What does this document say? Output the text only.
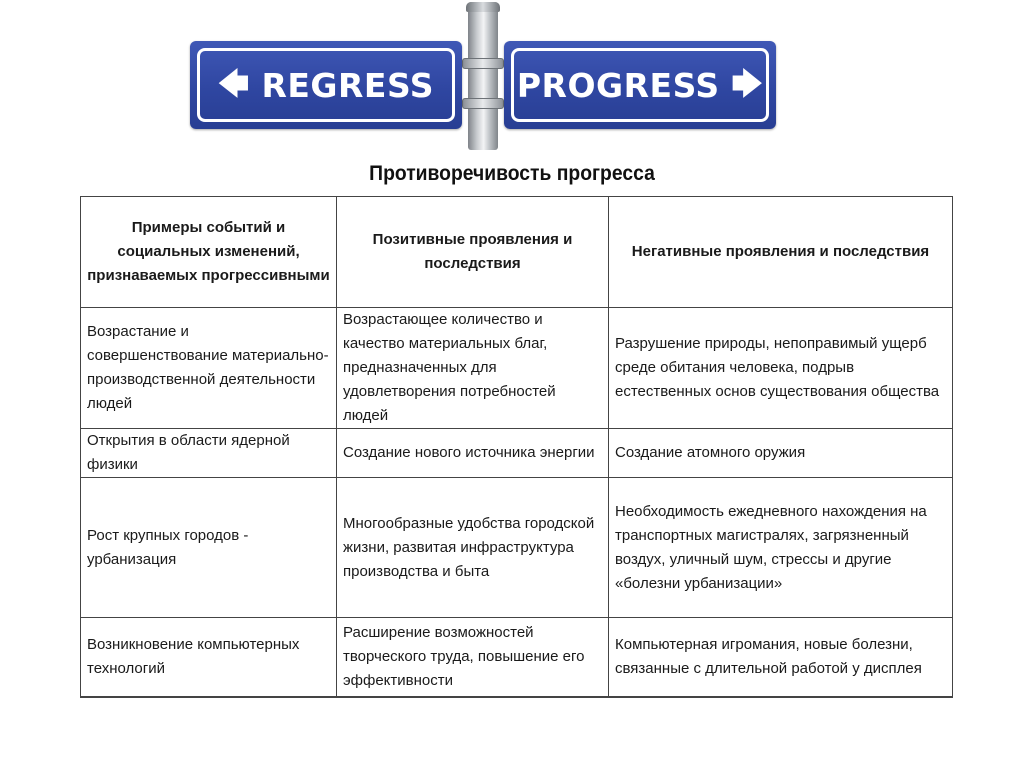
🡄 REGRESS	PROGRESS 🡆
Противоречивость прогресса
Примеры событий и социальных изменений, признаваемых прогрессивными	Позитивные проявления и последствия	Негативные проявления и последствия
Возрастание и совершенствование материально-производственной деятельности людей	Возрастающее количество и качество материальных благ, предназначенных для удовлетворения потребностей людей	Разрушение природы, непоправимый ущерб среде обитания человека, подрыв естественных основ существования общества
Открытия в области ядерной физики	Создание нового источника энергии	Создание атомного оружия
Рост крупных городов - урбанизация	Многообразные удобства городской жизни, развитая инфраструктура производства и быта	Необходимость ежедневного нахождения на транспортных магистралях, загрязненный воздух, уличный шум, стрессы и другие «болезни урбанизации»
Возникновение компьютерных технологий	Расширение возможностей творческого труда, повышение его эффективности	Компьютерная игромания, новые болезни, связанные с длительной работой у дисплея
